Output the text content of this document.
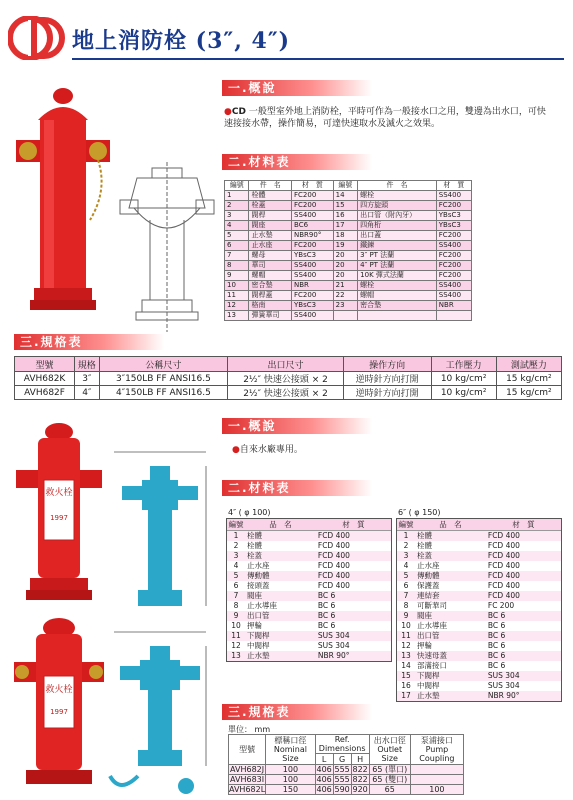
地上消防栓 (3″, 4″)
一.概說
●CD 一般型室外地上消防栓，平時可作為一般接水口之用，雙邊為出水口，可快速接接水帶，操作簡易，可達快速取水及滅火之效果。
二.材料表
編號	件　名	材　質	編號	件　名	材　質
1	栓體	FC200	14	螺栓	SS400
2	栓蓋	FC200	15	四方旋頭	FC200
3	閥桿	SS400	16	出口管（附內牙）	YBsC3
4	閥座	BC6	17	四角桁	YBsC3
5	止水墊	NBR90°	18	出口蓋	FC200
6	止水座	FC200	19	鐵鍊	SS400
7	螺母	YBsC3	20	3″ PT 法蘭	FC200
8	華司	SS400	20	4″ PT 法蘭	FC200
9	螺帽	SS400	20	10K 彈式法蘭	FC200
10	密合墊	NBR	21	螺栓	SS400
11	閥桿蓋	FC200	22	螺帽	SS400
12	格南	YBsC3	23	密合墊	NBR
13	彈簧華司	SS400			
三.規格表
型號	規格	公稱尺寸	出口尺寸	操作方向	工作壓力	測試壓力
AVH682K	3″	3″150LB FF ANSI16.5	2½″ 快速公接頭 × 2	逆時針方向打開	10 kg/cm²	15 kg/cm²
AVH682F	4″	4″150LB FF ANSI16.5	2½″ 快速公接頭 × 2	逆時針方向打開	10 kg/cm²	15 kg/cm²
救火栓
1997
救火栓
1997
一.概說
●自來水廠專用。
二.材料表
4″ ( φ 100)	6″ ( φ 150)
編號	品　名	材　質
1	栓體	FCD 400
2	栓體	FCD 400
3	栓蓋	FCD 400
4	止水座	FCD 400
5	傳動體	FCD 400
6	接頭蓋	FCD 400
7	閥座	BC 6
8	止水導座	BC 6
9	出口管	BC 6
10	押輪	BC 6
11	下閥桿	SUS 304
12	中閥桿	SUS 304
13	止水墊	NBR 90°
編號	品　名	材　質
1	栓體	FCD 400
2	栓體	FCD 400
3	栓蓋	FCD 400
4	止水座	FCD 400
5	傳動體	FCD 400
6	保護蓋	FCD 400
7	連結套	FCD 400
8	可斷華司	FC 200
9	閥座	BC 6
10	止水導座	BC 6
11	出口管	BC 6
12	押輪	BC 6
13	快速母蓋	BC 6
14	部滿接口	BC 6
15	下閥桿	SUS 304
16	中閥桿	SUS 304
17	止水墊	NBR 90°
三.規格表
單位： mm
型號	標稱口徑 Nominal Size	Ref. Dimensions			出水口徑 Outlet Size	泵浦接口 Pump Coupling
		L	G	H		
AVH682J	100	406	555	822	65 (單口)	
AVH683I	100	406	555	822	65 (雙口)	
AVH682L	150	406	590	920	65	100
